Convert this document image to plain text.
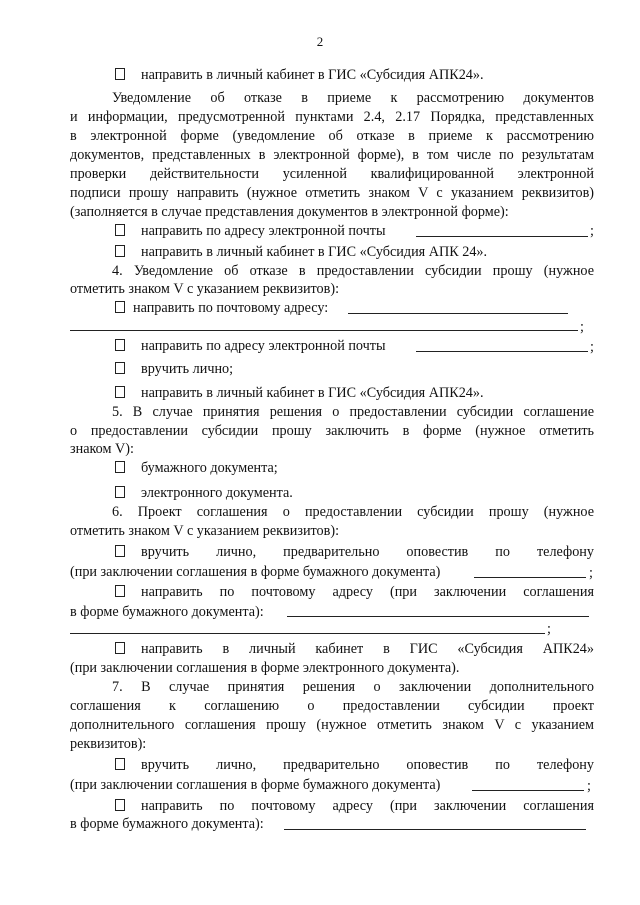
2
направить в личный кабинет в ГИС «Субсидия АПК24».
Уведомление об отказе в приеме к рассмотрению документов
и информации, предусмотренной пунктами 2.4, 2.17 Порядка, представленных
в электронной форме (уведомление об отказе в приеме к рассмотрению
документов, представленных в электронной форме), в том числе по результатам
проверки действительности усиленной квалифицированной электронной
подписи прошу направить (нужное отметить знаком V с указанием реквизитов)
(заполняется в случае представления документов в электронной форме):
направить по адресу электронной почты	;
направить в личный кабинет в ГИС «Субсидия АПК 24».
4. Уведомление об отказе в предоставлении субсидии прошу (нужное
отметить знаком V с указанием реквизитов):
направить по почтовому адресу:
;
направить по адресу электронной почты	;
вручить лично;
направить в личный кабинет в ГИС «Субсидия АПК24».
5. В случае принятия решения о предоставлении субсидии соглашение
о предоставлении субсидии прошу заключить в форме (нужное отметить
знаком V):
бумажного документа;
электронного документа.
6. Проект соглашения о предоставлении субсидии прошу (нужное
отметить знаком V с указанием реквизитов):
вручить лично, предварительно оповестив по телефону
(при заключении соглашения в форме бумажного документа)	;
направить по почтовому адресу (при заключении соглашения
в форме бумажного документа):
;
направить в личный кабинет в ГИС «Субсидия АПК24»
(при заключении соглашения в форме электронного документа).
7. В случае принятия решения о заключении дополнительного
соглашения к соглашению о предоставлении субсидии проект
дополнительного соглашения прошу (нужное отметить знаком V с указанием
реквизитов):
вручить лично, предварительно оповестив по телефону
(при заключении соглашения в форме бумажного документа)	;
направить по почтовому адресу (при заключении соглашения
в форме бумажного документа):
